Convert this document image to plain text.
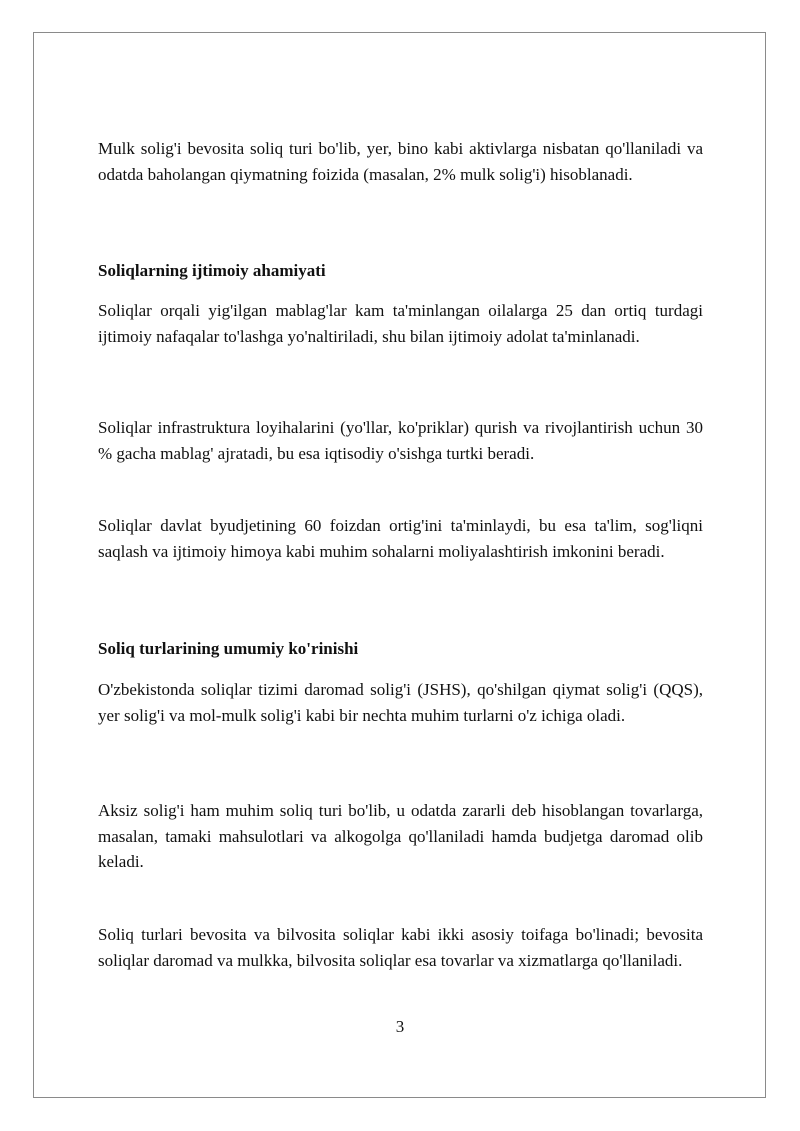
Mulk solig'i bevosita soliq turi bo'lib, yer, bino kabi aktivlarga nisbatan qo'llaniladi va odatda baholangan qiymatning foizida (masalan, 2% mulk solig'i) hisoblanadi.

Soliqlarning ijtimoiy ahamiyati

Soliqlar orqali yig'ilgan mablag'lar kam ta'minlangan oilalarga 25 dan ortiq turdagi ijtimoiy nafaqalar to'lashga yo'naltiriladi, shu bilan ijtimoiy adolat ta'minlanadi.

Soliqlar infrastruktura loyihalarini (yo'llar, ko'priklar) qurish va rivojlantirish uchun 30 % gacha mablag' ajratadi, bu esa iqtisodiy o'sishga turtki beradi.

Soliqlar davlat byudjetining 60 foizdan ortig'ini ta'minlaydi, bu esa ta'lim, sog'liqni saqlash va ijtimoiy himoya kabi muhim sohalarni moliyalashtirish imkonini beradi.

Soliq turlarining umumiy ko'rinishi

O'zbekistonda soliqlar tizimi daromad solig'i (JSHS), qo'shilgan qiymat solig'i (QQS), yer solig'i va mol-mulk solig'i kabi bir nechta muhim turlarni o'z ichiga oladi.

Aksiz solig'i ham muhim soliq turi bo'lib, u odatda zararli deb hisoblangan tovarlarga, masalan, tamaki mahsulotlari va alkogolga qo'llaniladi hamda budjetga daromad olib keladi.

Soliq turlari bevosita va bilvosita soliqlar kabi ikki asosiy toifaga bo'linadi; bevosita soliqlar daromad va mulkka, bilvosita soliqlar esa tovarlar va xizmatlarga qo'llaniladi.

3
